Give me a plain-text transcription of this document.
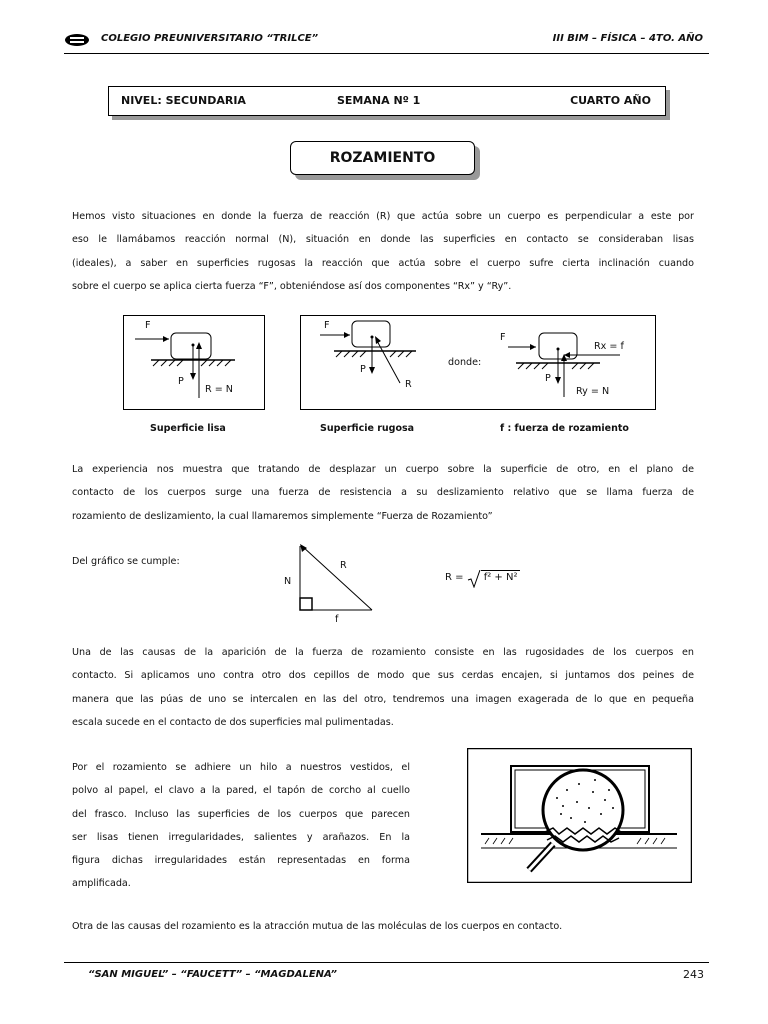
COLEGIO PREUNIVERSITARIO “TRILCE”	III BIM – FÍSICA – 4TO. AÑO
NIVEL: SECUNDARIA	SEMANA Nº 1	CUARTO AÑO
ROZAMIENTO
Hemos visto situaciones en donde la fuerza de reacción (R) que actúa sobre un cuerpo es perpendicular a este por
eso le llamábamos reacción normal (N), situación en donde las superficies en contacto se consideraban lisas
(ideales), a saber en superficies rugosas la reacción que actúa sobre el cuerpo sufre cierta inclinación cuando
sobre el cuerpo se aplica cierta fuerza “F”, obteniéndose así dos componentes “Rx” y “Ry”.
F
P
R = N
F
P
R
donde:
F
P
Rx = f
Ry = N
Superficie lisa	Superficie rugosa	f : fuerza de rozamiento
La experiencia nos muestra que tratando de desplazar un cuerpo sobre la superficie de otro, en el plano de
contacto de los cuerpos surge una fuerza de resistencia a su deslizamiento relativo que se llama fuerza de
rozamiento de deslizamiento, la cual llamaremos simplemente “Fuerza de Rozamiento”
Del gráfico se cumple:	R
N
f
R = f² + N²
Una de las causas de la aparición de la fuerza de rozamiento consiste en las rugosidades de los cuerpos en
contacto. Si aplicamos uno contra otro dos cepillos de modo que sus cerdas encajen, si juntamos dos peines de
manera que las púas de uno se intercalen en las del otro, tendremos una imagen exagerada de lo que en pequeña
escala sucede en el contacto de dos superficies mal pulimentadas.
Por el rozamiento se adhiere un hilo a nuestros vestidos, el
polvo al papel, el clavo a la pared, el tapón de corcho al cuello
del frasco. Incluso las superficies de los cuerpos que parecen
ser lisas tienen irregularidades, salientes y arañazos. En la
figura dichas irregularidades están representadas en forma
amplificada.
Otra de las causas del rozamiento es la atracción mutua de las moléculas de los cuerpos en contacto.
“SAN MIGUEL” – “FAUCETT” – “MAGDALENA”	243
